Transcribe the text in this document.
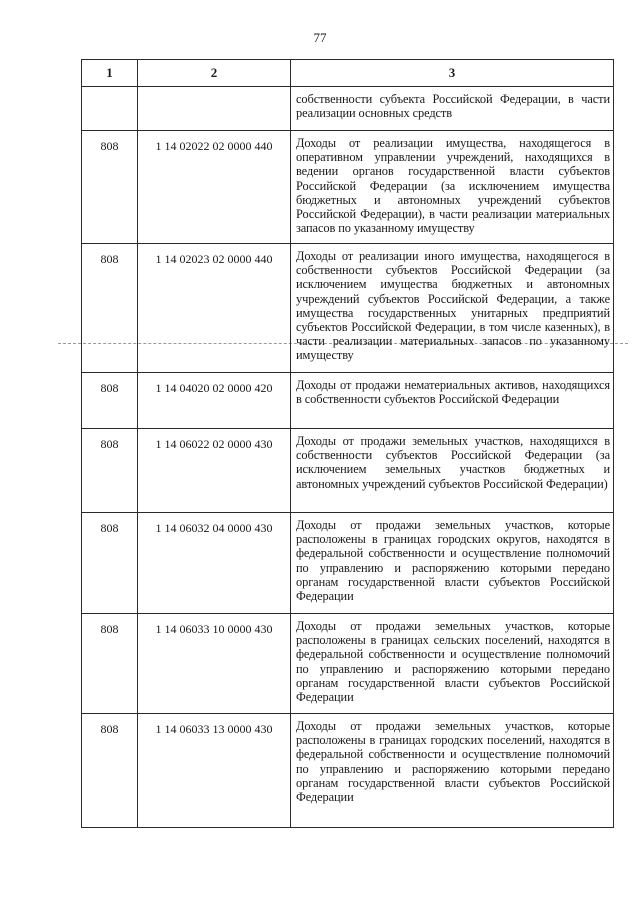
77
1	2	3
		собственности субъекта Российской Федерации, в части реализации основных средств
808	1 14 02022 02 0000 440	Доходы от реализации имущества, находящегося в оперативном управлении учреждений, находящихся в ведении органов государственной власти субъектов Российской Федерации (за исключением имущества бюджетных и автономных учреждений субъектов Российской Федерации), в части реализации материальных запасов по указанному имуществу
808	1 14 02023 02 0000 440	Доходы от реализации иного имущества, находящегося в собственности субъектов Российской Федерации (за исключением имущества бюджетных и автономных учреждений субъектов Российской Федерации, а также имущества государственных унитарных предприятий субъектов Российской Федерации, в том числе казенных), в части реализации материальных запасов по указанному имуществу
808	1 14 04020 02 0000 420	Доходы от продажи нематериальных активов, находящихся в собственности субъектов Российской Федерации
808	1 14 06022 02 0000 430	Доходы от продажи земельных участков, находящихся в собственности субъектов Российской Федерации (за исключением земельных участков бюджетных и автономных учреждений субъектов Российской Федерации)
808	1 14 06032 04 0000 430	Доходы от продажи земельных участков, которые расположены в границах городских округов, находятся в федеральной собственности и осуществление полномочий по управлению и распоряжению которыми передано органам государственной власти субъектов Российской Федерации
808	1 14 06033 10 0000 430	Доходы от продажи земельных участков, которые расположены в границах сельских поселений, находятся в федеральной собственности и осуществление полномочий по управлению и распоряжению которыми передано органам государственной власти субъектов Российской Федерации
808	1 14 06033 13 0000 430	Доходы от продажи земельных участков, которые расположены в границах городских поселений, находятся в федеральной собственности и осуществление полномочий по управлению и распоряжению которыми передано органам государственной власти субъектов Российской Федерации
